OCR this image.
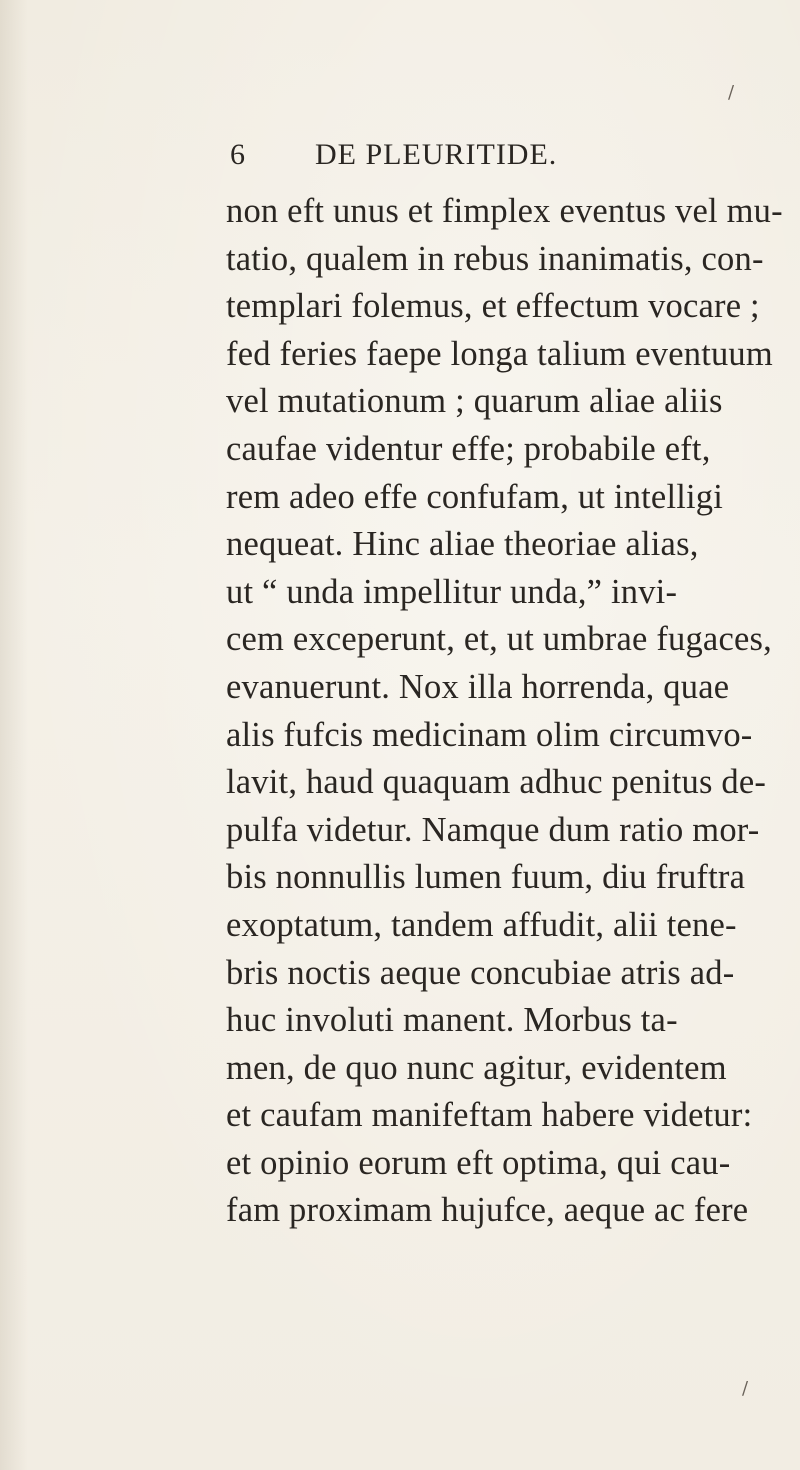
6 DE PLEURITIDE.
non eft unus et fimplex eventus vel mu-
tatio, qualem in rebus inanimatis, con-
templari folemus, et effectum vocare ;
fed feries faepe longa talium eventuum
vel mutationum ; quarum aliae aliis
caufae videntur effe; probabile eft,
rem adeo effe confufam, ut intelligi
nequeat. Hinc aliae theoriae alias,
ut “ unda impellitur unda,” invi-
cem exceperunt, et, ut umbrae fugaces,
evanuerunt. Nox illa horrenda, quae
alis fufcis medicinam olim circumvo-
lavit, haud quaquam adhuc penitus de-
pulfa videtur. Namque dum ratio mor-
bis nonnullis lumen fuum, diu fruftra
exoptatum, tandem affudit, alii tene-
bris noctis aeque concubiae atris ad-
huc involuti manent. Morbus ta-
men, de quo nunc agitur, evidentem
et caufam manifeftam habere videtur:
et opinio eorum eft optima, qui cau-
fam proximam hujufce, aeque ac fere
/
/
